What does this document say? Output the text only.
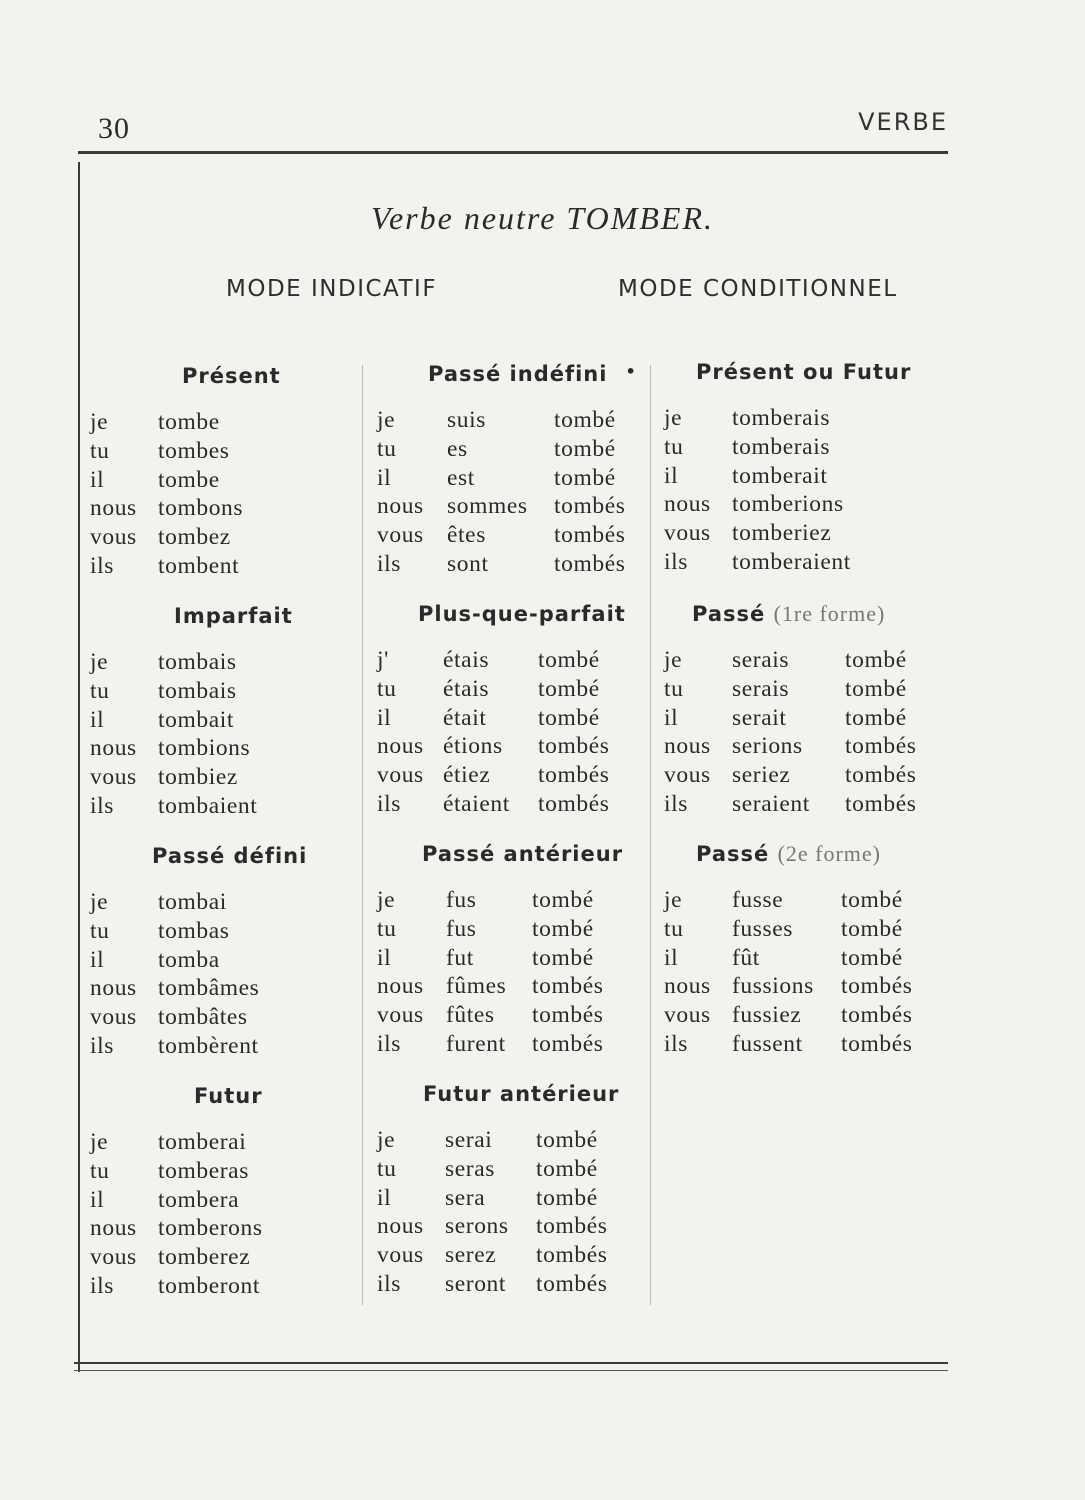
30	VERBE
Verbe neutre TOMBER.
MODE INDICATIF	MODE CONDITIONNEL
Présent
je tombe
tu tombes
il tombe
nous tombons
vous tombez
ils tombent
Imparfait
je tombais
tu tombais
il tombait
nous tombions
vous tombiez
ils tombaient
Passé défini
je tombai
tu tombas
il tomba
nous tombâmes
vous tombâtes
ils tombèrent
Futur
je tomberai
tu tomberas
il tombera
nous tomberons
vous tomberez
ils tomberont
Passé indéfini •
je suis	tombé
tu es	tombé
il est	tombé
nous sommes tombés
vous êtes	tombés
ils sont	tombés
Plus-que-parfait
j' étais tombé
tu étais tombé
il était tombé
nous étions tombés
vous étiez tombés
ils étaient tombés
Passé antérieur
je fus tombé
tu fus tombé
il fut tombé
nous fûmes tombés
vous fûtes tombés
ils furent tombés
Futur antérieur
je serai tombé
tu seras tombé
il sera tombé
nous serons tombés
vous serez tombés
ils seront tombés
Présent ou Futur
je tomberais
tu tomberais
il tomberait
nous tomberions
vous tomberiez
ils tomberaient
Passé (1re forme)
je serais tombé
tu serais tombé
il serait tombé
nous serions tombés
vous seriez tombés
ils seraient tombés
Passé (2e forme)
je fusse tombé
tu fusses tombé
il fût	tombé
nous fussions tombés
vous fussiez tombés
ils fussent tombés
